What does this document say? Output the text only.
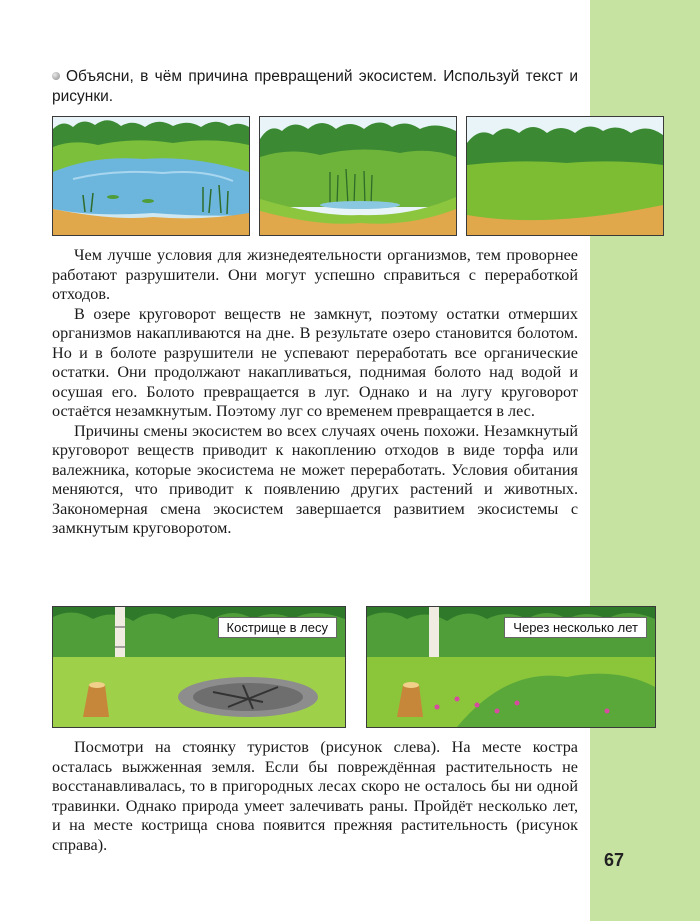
Объясни, в чём причина превращений экосистем. Используй текст и рисунки.

Чем лучше условия для жизнедеятельности организмов, тем проворнее работают разрушители. Они могут успешно справиться с переработкой отходов.

В озере круговорот веществ не замкнут, поэтому остатки отмерших организмов накапливаются на дне. В результате озеро становится болотом. Но и в болоте разрушители не успевают переработать все органические остатки. Они продолжают накапливаться, поднимая болото над водой и осушая его. Болото превращается в луг. Однако и на лугу круговорот остаётся незамкнутым. Поэтому луг со временем превращается в лес.

Причины смены экосистем во всех случаях очень похожи. Незамкнутый круговорот веществ приводит к накоплению отходов в виде торфа или валежника, которые экосистема не может переработать. Условия обитания меняются, что приводит к появлению других растений и животных. Закономерная смена экосистем завершается развитием экосистемы с замкнутым круговоротом.

Кострище в лесу	Через несколько лет

Посмотри на стоянку туристов (рисунок слева). На месте костра осталась выжженная земля. Если бы повреждённая растительность не восстанавливалась, то в пригородных лесах скоро не осталось бы ни одной травинки. Однако природа умеет залечивать раны. Пройдёт несколько лет, и на месте кострища снова появится прежняя растительность (рисунок справа).

67
